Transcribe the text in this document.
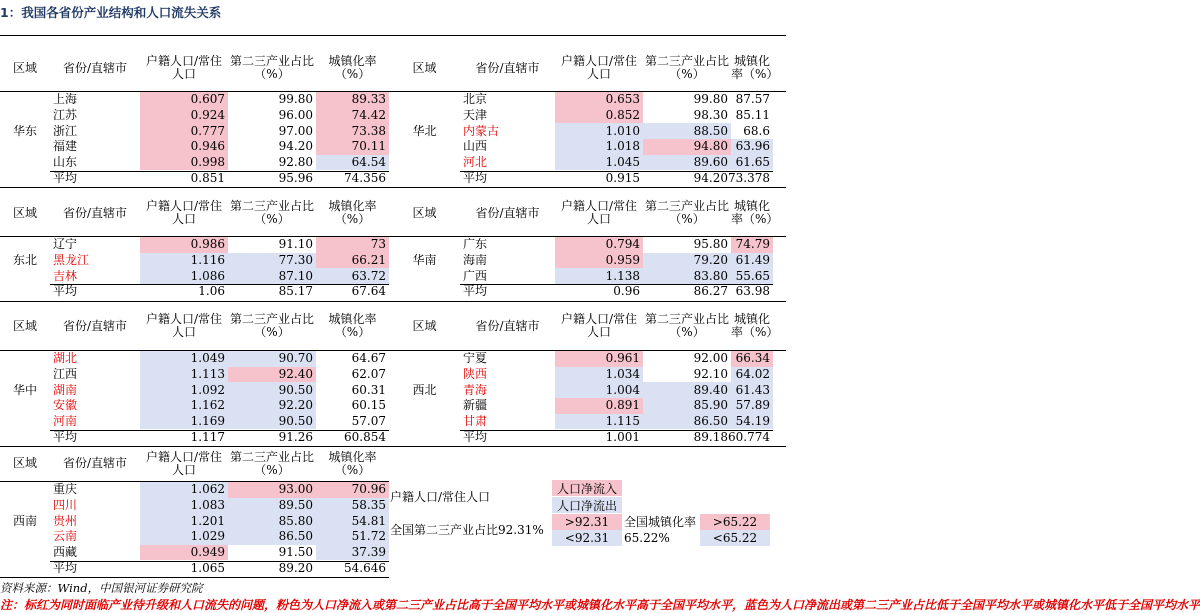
1：我国各省份产业结构和人口流失关系
区域	省份/直辖市	户籍人口/常住人口
第二三产业占比（%）
城镇化率（%）	区域	省份/直辖市	户籍人口/常住人口
第二三产业占比（%）
城镇化率（%）
华东
上海	0.607	99.80	89.33
江苏	0.924	96.00	74.42
浙江	0.777	97.00	73.38
福建	0.946	94.20	70.11
山东	0.998	92.80	64.54
平均	0.851	95.96	74.356
华北
北京	0.653	99.80 87.57
天津	0.852	98.30 85.11
内蒙古	1.010	88.50	68.6
山西	1.018	94.80 63.96
河北	1.045	89.60 61.65
平均	0.915	94.20 73.378
区域	省份/直辖市	户籍人口/常住人口
第二三产业占比（%）
城镇化率（%）	区域	省份/直辖市	户籍人口/常住人口
第二三产业占比（%）
城镇化率（%）
东北
辽宁	0.986	91.10	73
黑龙江	1.116	77.30	66.21
吉林	1.086	87.10	63.72
平均	1.06	85.17	67.64
华南
广东	0.794	95.80 74.79
海南	0.959	79.20 61.49
广西	1.138	83.80 55.65
平均	0.96	86.27 63.98
区域	省份/直辖市	户籍人口/常住人口
第二三产业占比（%）
城镇化率（%）	区域	省份/直辖市	户籍人口/常住人口
第二三产业占比（%）
城镇化率（%）
华中
湖北	1.049	90.70	64.67
江西	1.113	92.40	62.07
湖南	1.092	90.50	60.31
安徽	1.162	92.20	60.15
河南	1.169	90.50	57.07
平均	1.117	91.26	60.854
西北
宁夏	0.961	92.00 66.34
陕西	1.034	92.10 64.02
青海	1.004	89.40 61.43
新疆	0.891	85.90 57.89
甘肃	1.115	86.50 54.19
平均	1.001	89.18 60.774
区域	省份/直辖市	户籍人口/常住人口
第二三产业占比（%）
城镇化率（%）
西南
重庆	1.062	93.00	70.96
四川	1.083	89.50	58.35
贵州	1.201	85.80	54.81
云南	1.029	86.50	51.72
西藏	0.949	91.50	37.39
平均	1.065	89.20	54.646
户籍人口/常住人口
人口净流入
人口净流出
全国第二三产业占比92.31%
>92.31
<92.31
全国城镇化率65.22%
>65.22
<65.22
资料来源：Wind，中国银河证券研究院
注：标红为同时面临产业待升级和人口流失的问题，粉色为人口净流入或第二三产业占比高于全国平均水平或城镇化水平高于全国平均水平，蓝色为人口净流出或第二三产业占比低于全国平均水平或城镇化水平低于全国平均水平
